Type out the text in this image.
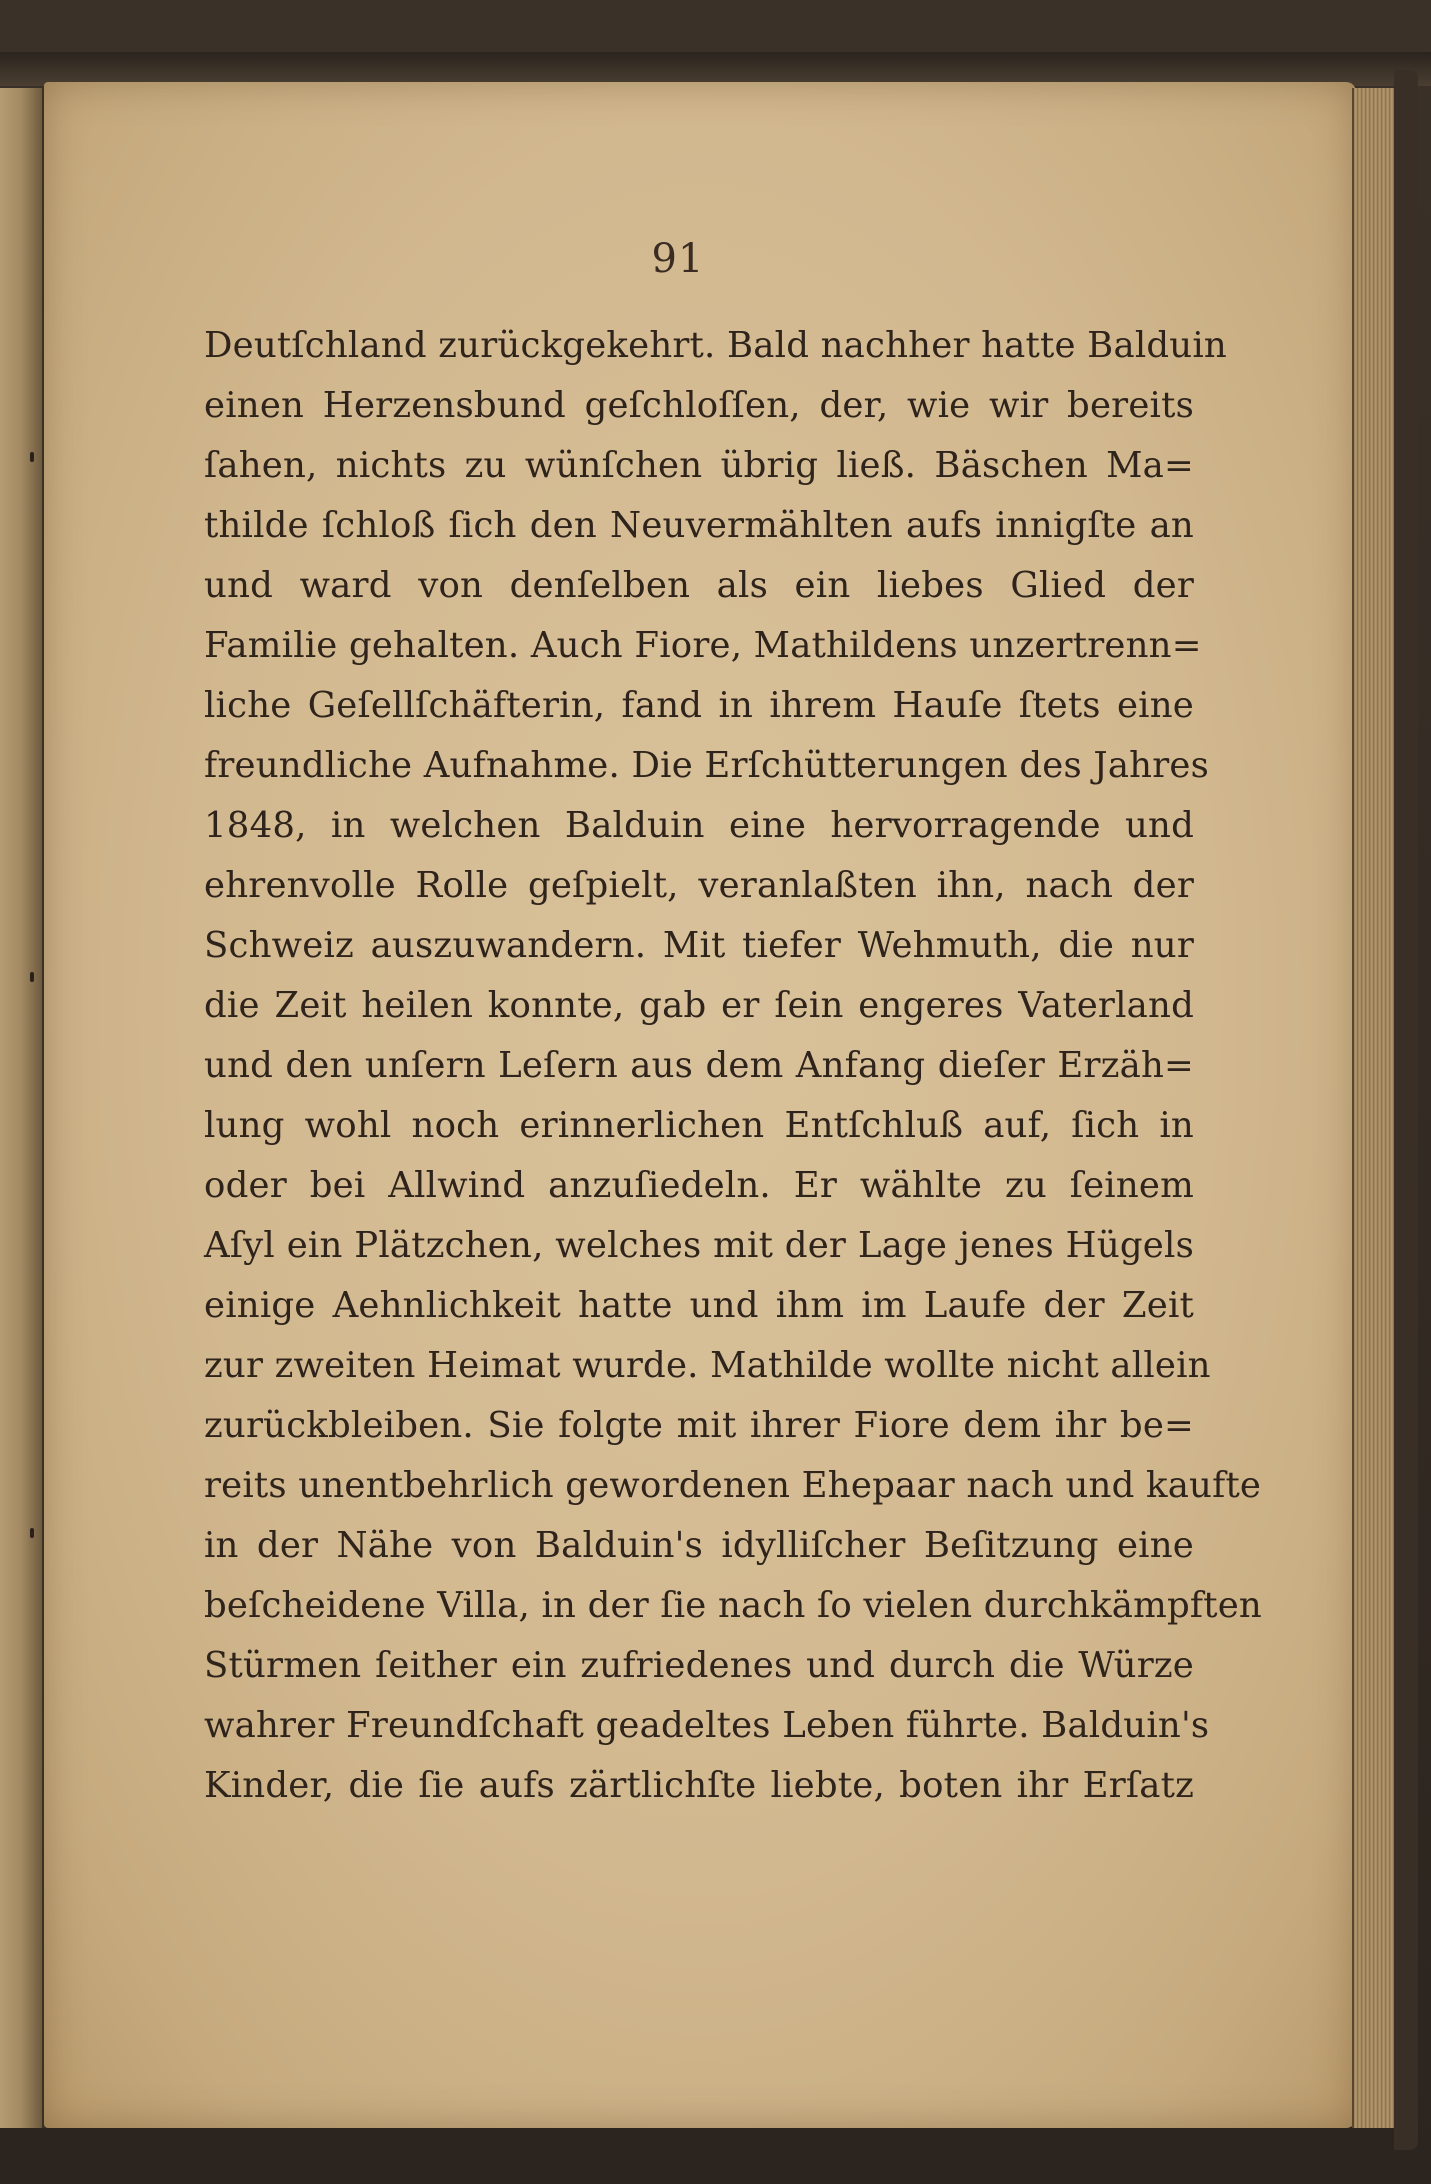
91
Deutſchland zurückgekehrt. Bald nachher hatte Balduin
einen Herzensbund geſchloſſen, der, wie wir bereits
ſahen, nichts zu wünſchen übrig ließ. Bäschen Ma=
thilde ſchloß ſich den Neuvermählten aufs innigſte an
und ward von denſelben als ein liebes Glied der
Familie gehalten. Auch Fiore, Mathildens unzertrenn=
liche Geſellſchäfterin, fand in ihrem Hauſe ſtets eine
freundliche Aufnahme. Die Erſchütterungen des Jahres
1848, in welchen Balduin eine hervorragende und
ehrenvolle Rolle geſpielt, veranlaßten ihn, nach der
Schweiz auszuwandern. Mit tiefer Wehmuth, die nur
die Zeit heilen konnte, gab er ſein engeres Vaterland
und den unſern Leſern aus dem Anfang dieſer Erzäh=
lung wohl noch erinnerlichen Entſchluß auf, ſich in
oder bei Allwind anzuſiedeln. Er wählte zu ſeinem
Aſyl ein Plätzchen, welches mit der Lage jenes Hügels
einige Aehnlichkeit hatte und ihm im Laufe der Zeit
zur zweiten Heimat wurde. Mathilde wollte nicht allein
zurückbleiben. Sie folgte mit ihrer Fiore dem ihr be=
reits unentbehrlich gewordenen Ehepaar nach und kaufte
in der Nähe von Balduin's idylliſcher Beſitzung eine
beſcheidene Villa, in der ſie nach ſo vielen durchkämpften
Stürmen ſeither ein zufriedenes und durch die Würze
wahrer Freundſchaft geadeltes Leben führte. Balduin's
Kinder, die ſie aufs zärtlichſte liebte, boten ihr Erſatz
